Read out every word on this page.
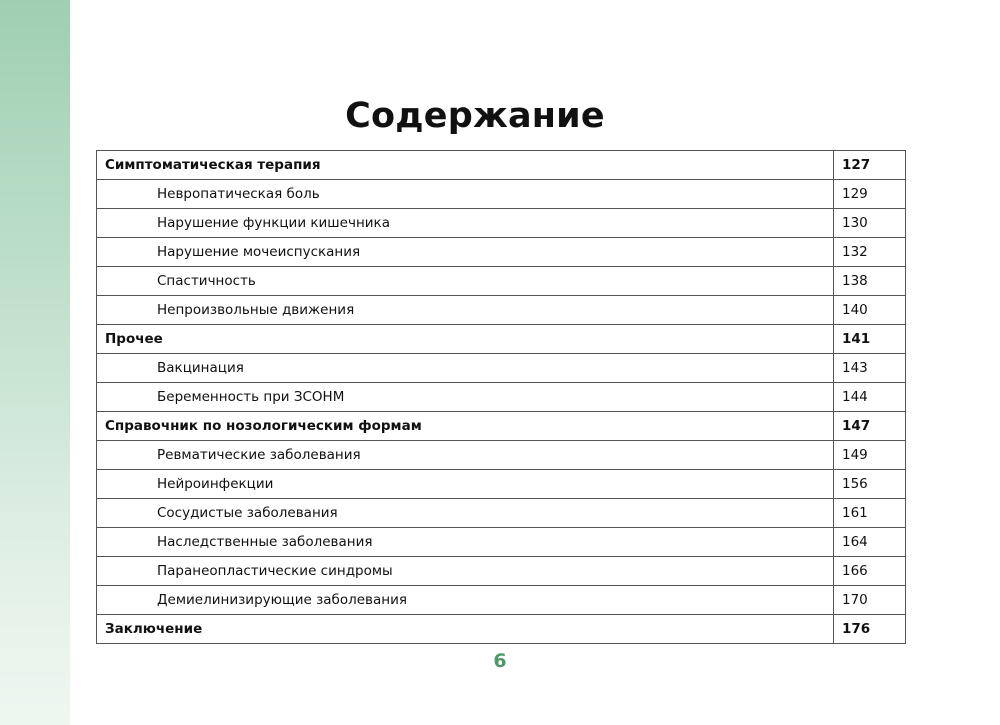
Содержание
Симптоматическая терапия	127
Невропатическая боль	129
Нарушение функции кишечника	130
Нарушение мочеиспускания	132
Спастичность	138
Непроизвольные движения	140
Прочее	141
Вакцинация	143
Беременность при ЗСОНМ	144
Справочник по нозологическим формам	147
Ревматические заболевания	149
Нейроинфекции	156
Сосудистые заболевания	161
Наследственные заболевания	164
Паранеопластические синдромы	166
Демиелинизирующие заболевания	170
Заключение	176
6
